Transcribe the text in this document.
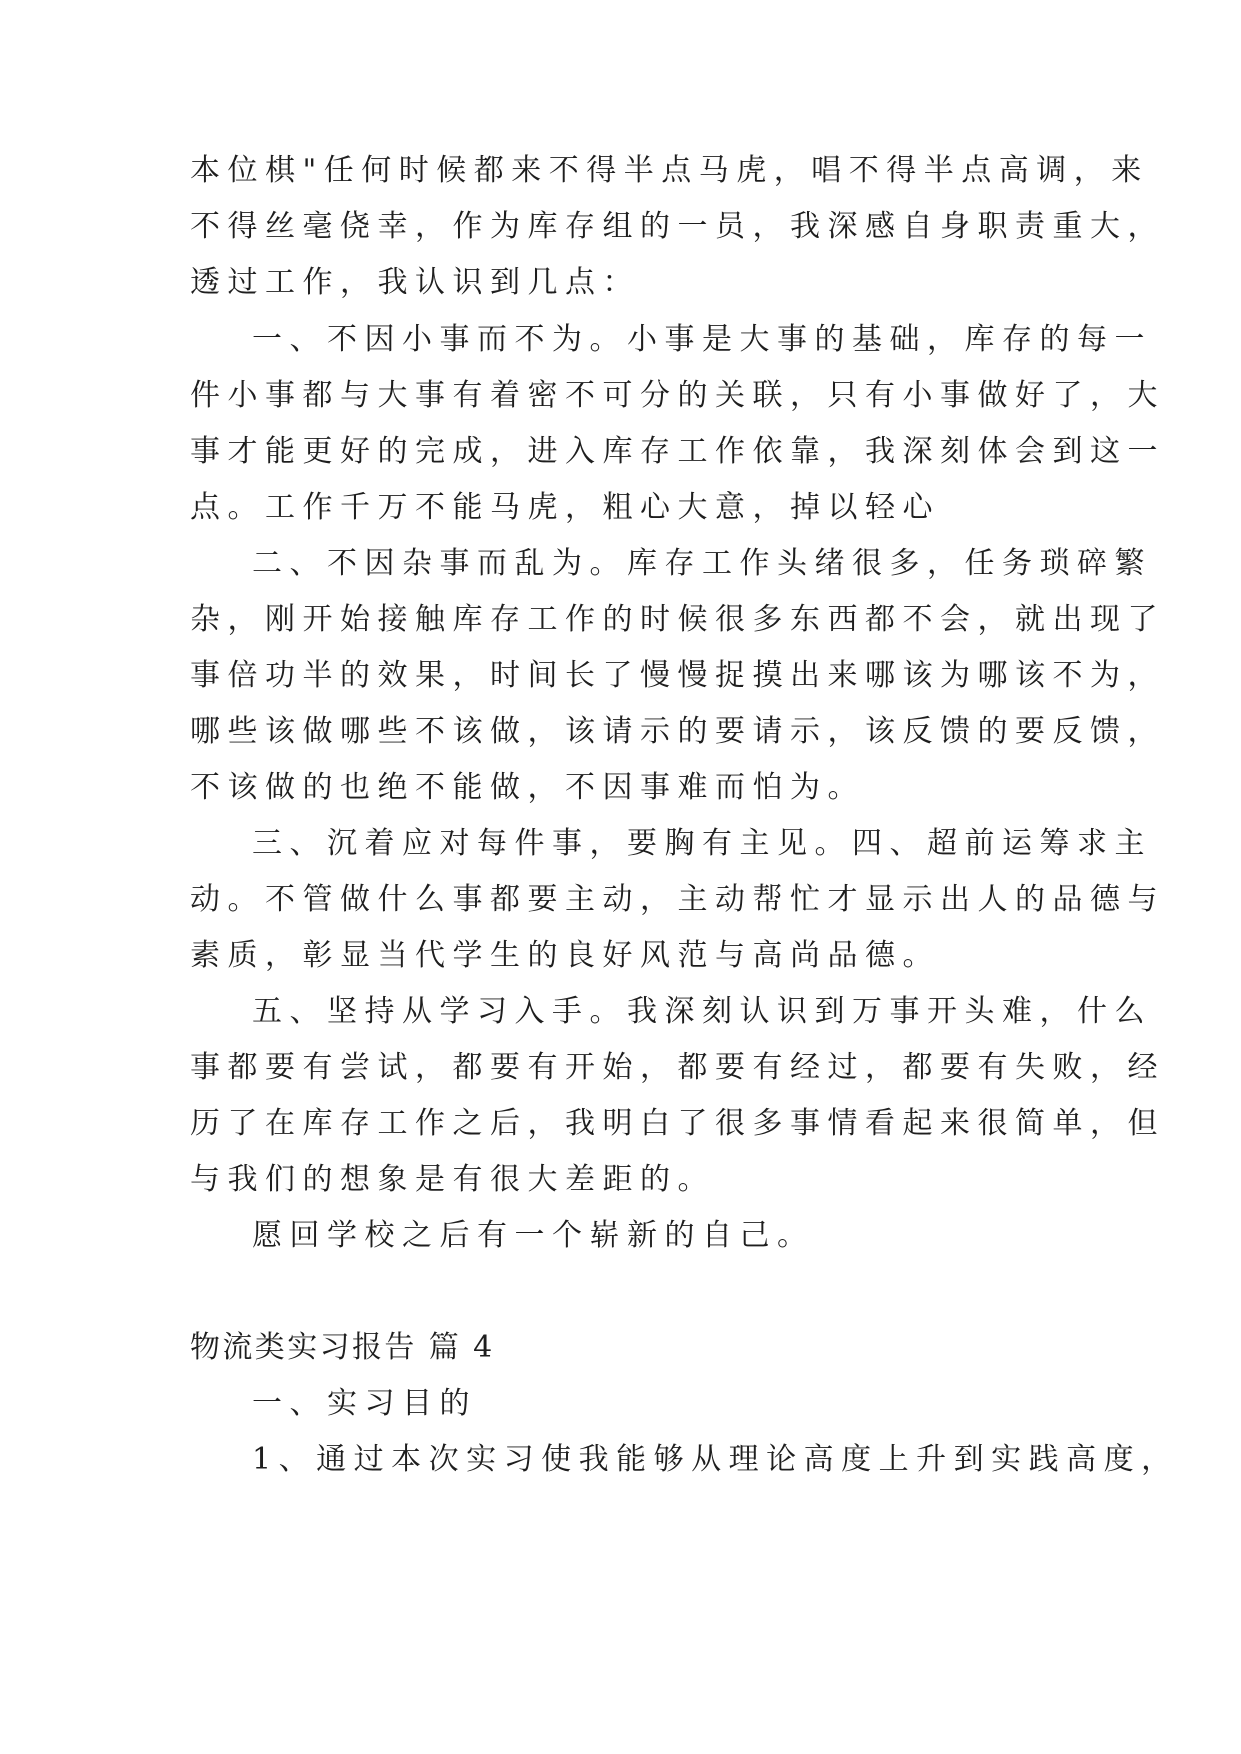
本位棋"任何时候都来不得半点马虎，唱不得半点高调，来
不得丝毫侥幸，作为库存组的一员，我深感自身职责重大，
透过工作，我认识到几点：
一、不因小事而不为。小事是大事的基础，库存的每一
件小事都与大事有着密不可分的关联，只有小事做好了，大
事才能更好的完成，进入库存工作依靠，我深刻体会到这一
点。工作千万不能马虎，粗心大意，掉以轻心
二、不因杂事而乱为。库存工作头绪很多，任务琐碎繁
杂，刚开始接触库存工作的时候很多东西都不会，就出现了
事倍功半的效果，时间长了慢慢捉摸出来哪该为哪该不为，
哪些该做哪些不该做，该请示的要请示，该反馈的要反馈，
不该做的也绝不能做，不因事难而怕为。
三、沉着应对每件事，要胸有主见。四、超前运筹求主
动。不管做什么事都要主动，主动帮忙才显示出人的品德与
素质，彰显当代学生的良好风范与高尚品德。
五、坚持从学习入手。我深刻认识到万事开头难，什么
事都要有尝试，都要有开始，都要有经过，都要有失败，经
历了在库存工作之后，我明白了很多事情看起来很简单，但
与我们的想象是有很大差距的。
愿回学校之后有一个崭新的自己。
物流类实习报告 篇 4
一、实习目的
1、通过本次实习使我能够从理论高度上升到实践高度，
